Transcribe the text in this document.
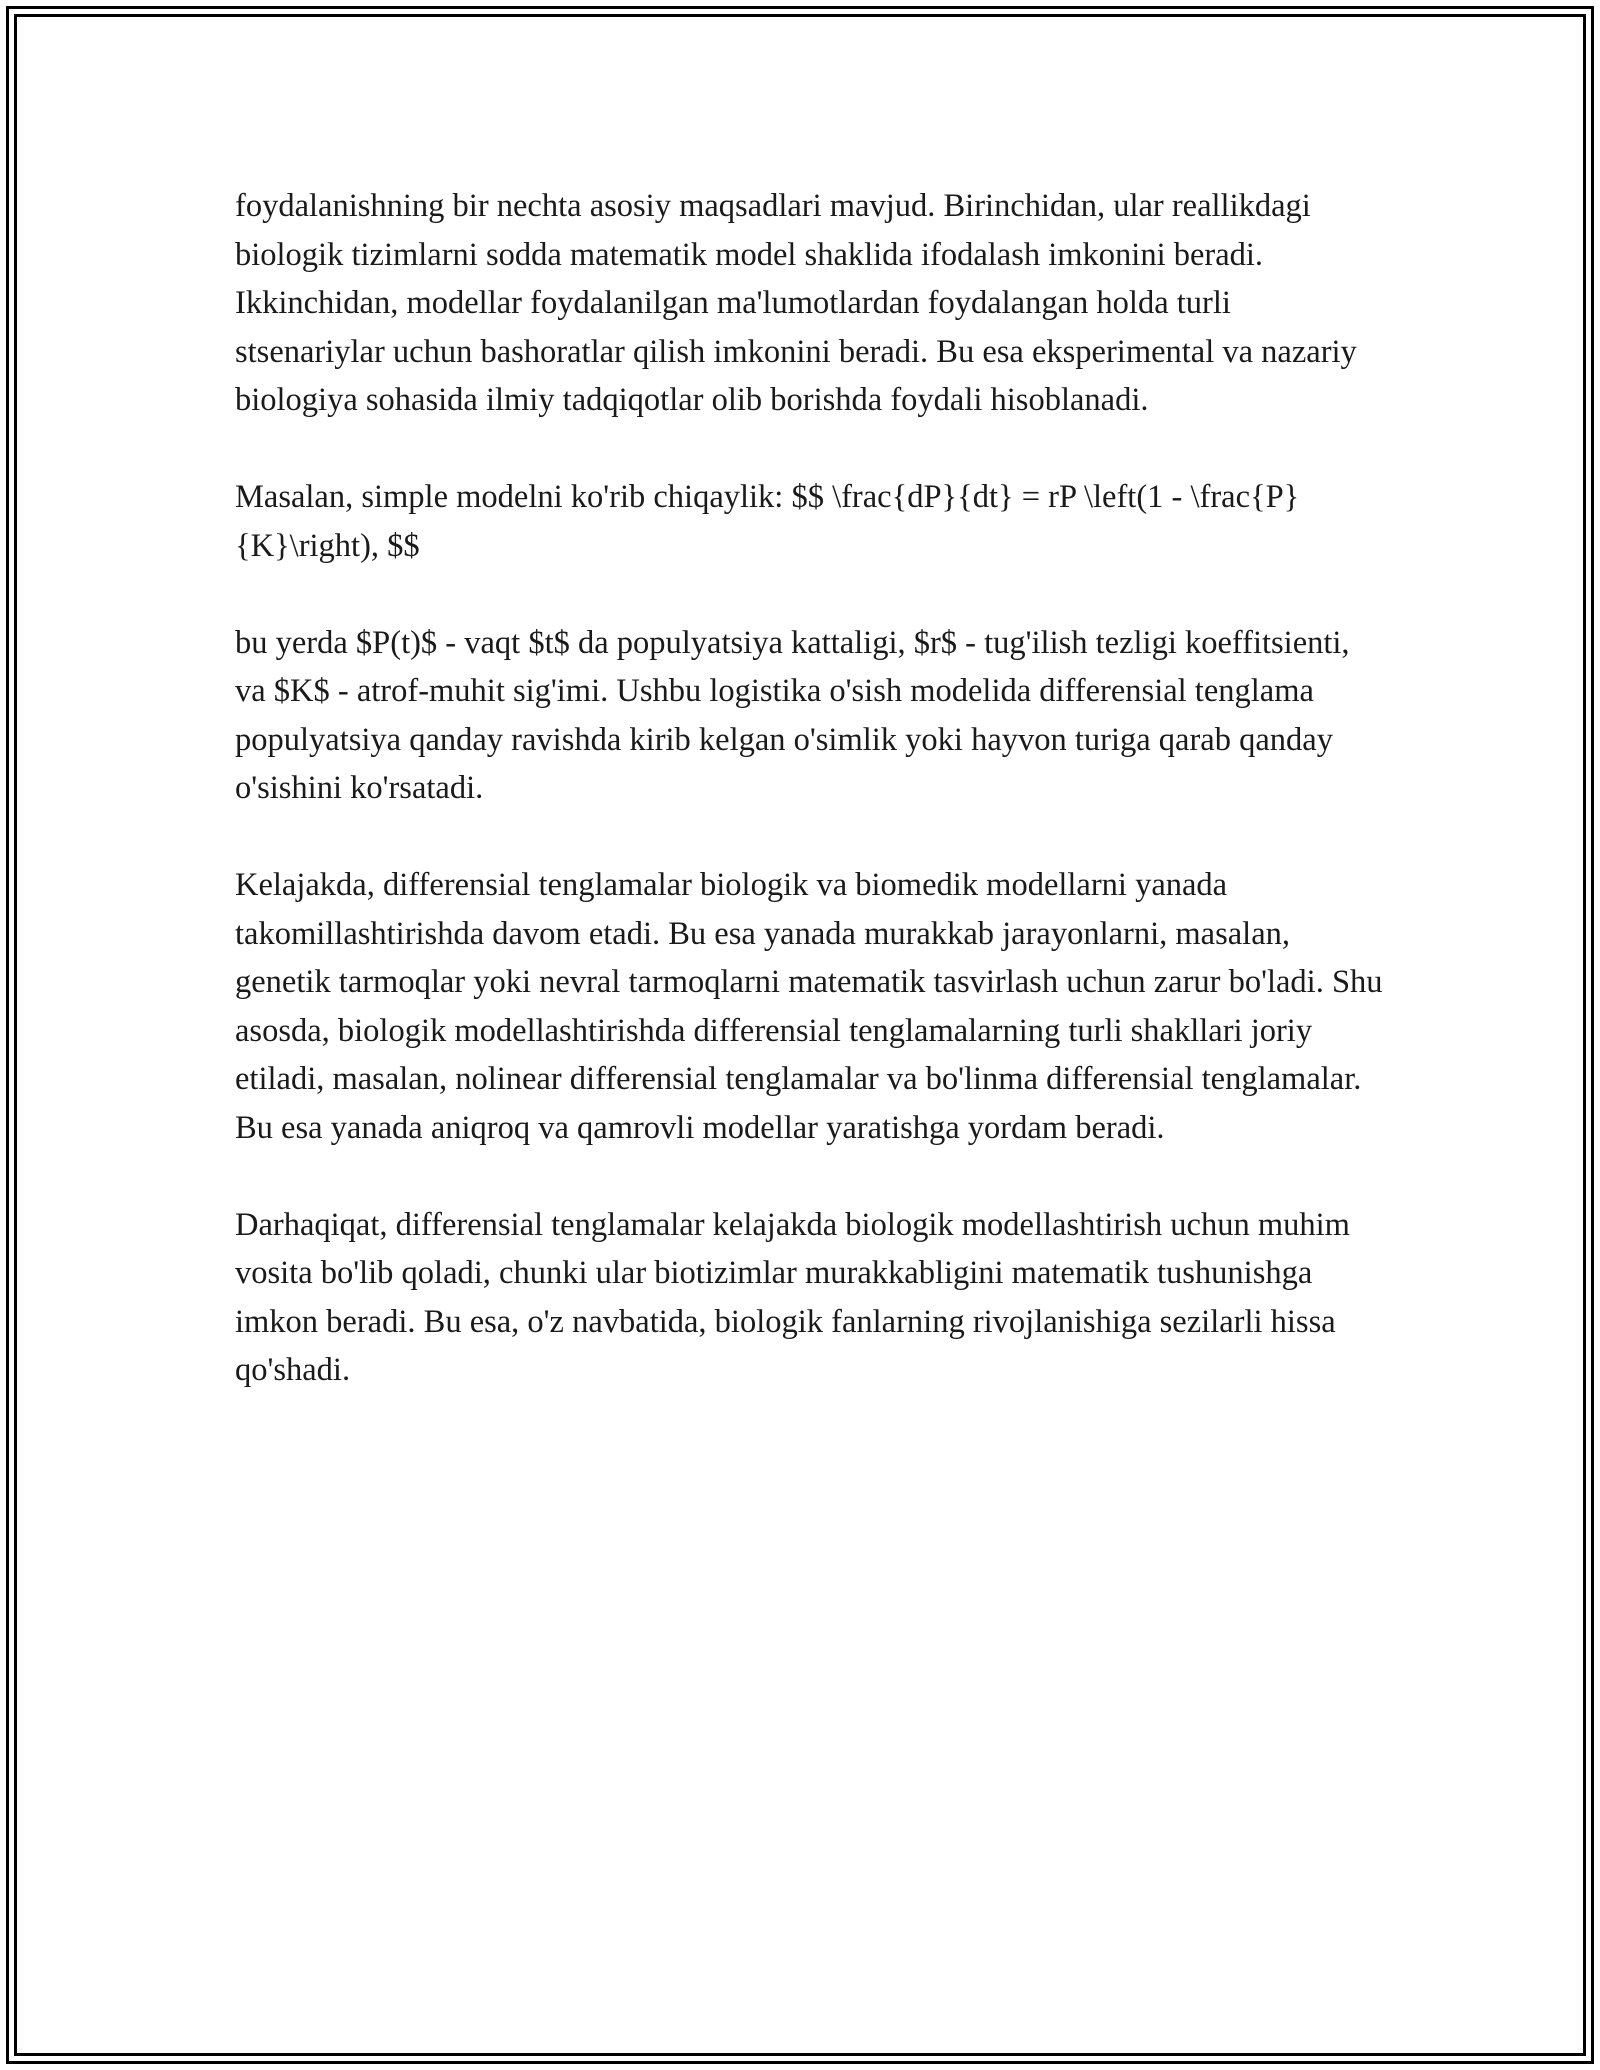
foydalanishning bir nechta asosiy maqsadlari mavjud. Birinchidan, ular reallikdagi biologik tizimlarni sodda matematik model shaklida ifodalash imkonini beradi. Ikkinchidan, modellar foydalanilgan ma'lumotlardan foydalangan holda turli stsenariylar uchun bashoratlar qilish imkonini beradi. Bu esa eksperimental va nazariy biologiya sohasida ilmiy tadqiqotlar olib borishda foydali hisoblanadi.

Masalan, simple modelni ko'rib chiqaylik: $$ \frac{dP}{dt} = rP \left(1 - \frac{P}{K}\right), $$

bu yerda $P(t)$ - vaqt $t$ da populyatsiya kattaligi, $r$ - tug'ilish tezligi koeffitsienti, va $K$ - atrof-muhit sig'imi. Ushbu logistika o'sish modelida differensial tenglama populyatsiya qanday ravishda kirib kelgan o'simlik yoki hayvon turiga qarab qanday o'sishini ko'rsatadi.

Kelajakda, differensial tenglamalar biologik va biomedik modellarni yanada takomillashtirishda davom etadi. Bu esa yanada murakkab jarayonlarni, masalan, genetik tarmoqlar yoki nevral tarmoqlarni matematik tasvirlash uchun zarur bo'ladi. Shu asosda, biologik modellashtirishda differensial tenglamalarning turli shakllari joriy etiladi, masalan, nolinear differensial tenglamalar va bo'linma differensial tenglamalar. Bu esa yanada aniqroq va qamrovli modellar yaratishga yordam beradi.

Darhaqiqat, differensial tenglamalar kelajakda biologik modellashtirish uchun muhim vosita bo'lib qoladi, chunki ular biotizimlar murakkabligini matematik tushunishga imkon beradi. Bu esa, o'z navbatida, biologik fanlarning rivojlanishiga sezilarli hissa qo'shadi.
